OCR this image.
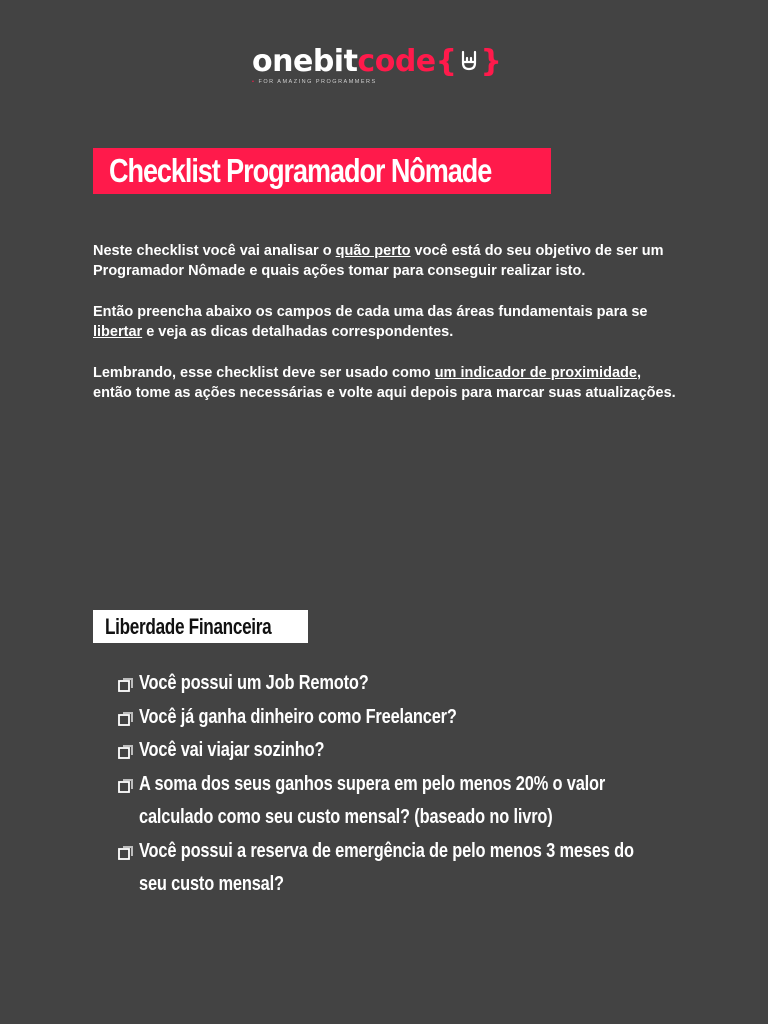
onebitcode{ }
• FOR AMAZING PROGRAMMERS
Checklist Programador Nômade

Neste checklist você vai analisar o quão perto você está do seu objetivo de ser um Programador Nômade e quais ações tomar para conseguir realizar isto.

Então preencha abaixo os campos de cada uma das áreas fundamentais para se libertar e veja as dicas detalhadas correspondentes.

Lembrando, esse checklist deve ser usado como um indicador de proximidade, então tome as ações necessárias e volte aqui depois para marcar suas atualizações.

Liberdade Financeira
Você possui um Job Remoto?
Você já ganha dinheiro como Freelancer?
Você vai viajar sozinho?
A soma dos seus ganhos supera em pelo menos 20% o valor calculado como seu custo mensal? (baseado no livro)
Você possui a reserva de emergência de pelo menos 3 meses do seu custo mensal?
